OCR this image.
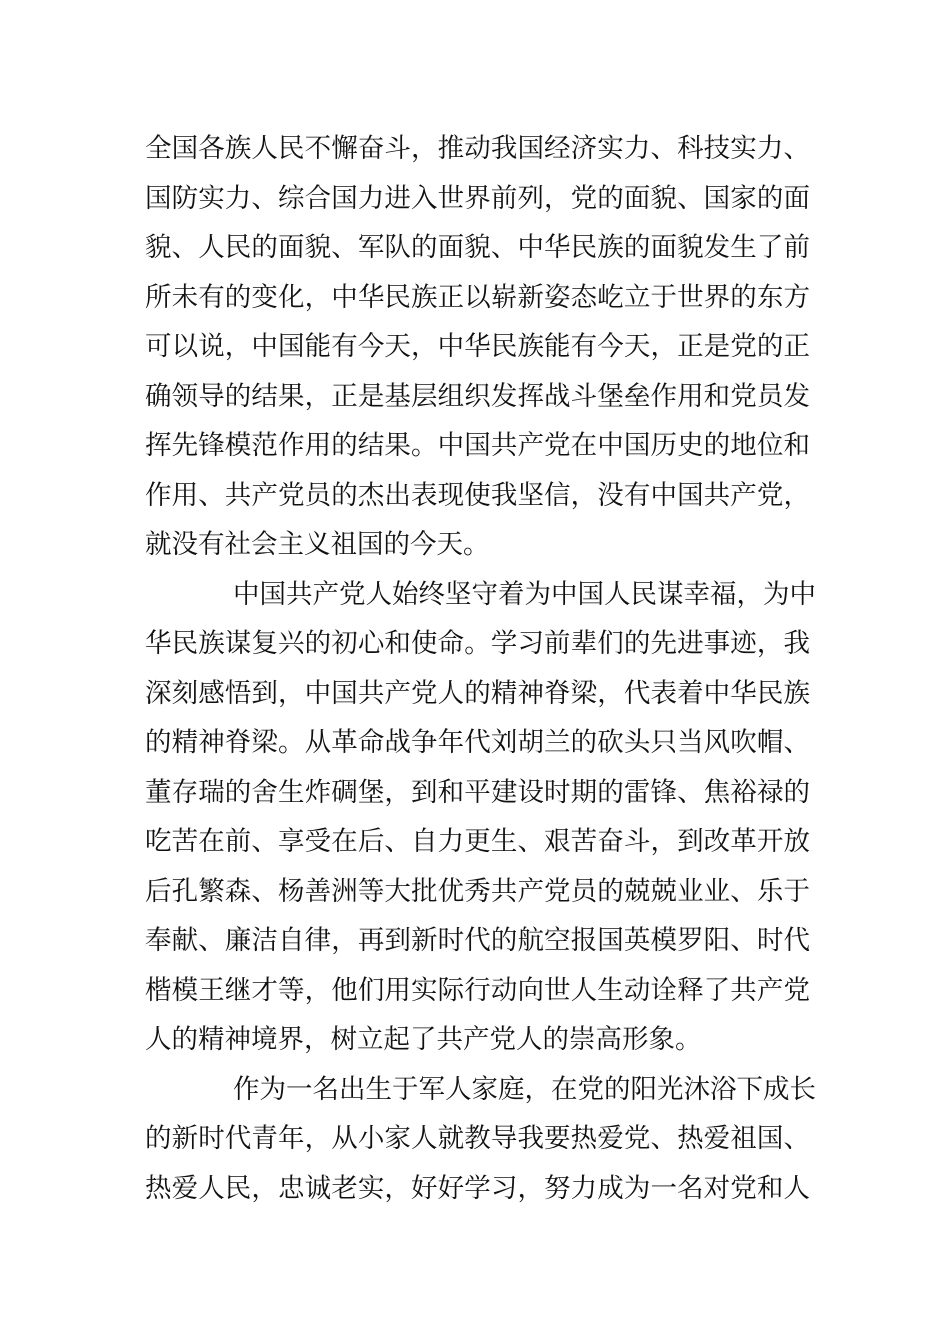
全国各族人民不懈奋斗，推动我国经济实力、科技实力、
国防实力、综合国力进入世界前列，党的面貌、国家的面
貌、人民的面貌、军队的面貌、中华民族的面貌发生了前
所未有的变化，中华民族正以崭新姿态屹立于世界的东方
可以说，中国能有今天，中华民族能有今天，正是党的正
确领导的结果，正是基层组织发挥战斗堡垒作用和党员发
挥先锋模范作用的结果。中国共产党在中国历史的地位和
作用、共产党员的杰出表现使我坚信，没有中国共产党，
就没有社会主义祖国的今天。
中国共产党人始终坚守着为中国人民谋幸福，为中
华民族谋复兴的初心和使命。学习前辈们的先进事迹，我
深刻感悟到，中国共产党人的精神脊梁，代表着中华民族
的精神脊梁。从革命战争年代刘胡兰的砍头只当风吹帽、
董存瑞的舍生炸碉堡，到和平建设时期的雷锋、焦裕禄的
吃苦在前、享受在后、自力更生、艰苦奋斗，到改革开放
后孔繁森、杨善洲等大批优秀共产党员的兢兢业业、乐于
奉献、廉洁自律，再到新时代的航空报国英模罗阳、时代
楷模王继才等，他们用实际行动向世人生动诠释了共产党
人的精神境界，树立起了共产党人的崇高形象。
作为一名出生于军人家庭，在党的阳光沐浴下成长
的新时代青年，从小家人就教导我要热爱党、热爱祖国、
热爱人民，忠诚老实，好好学习，努力成为一名对党和人
